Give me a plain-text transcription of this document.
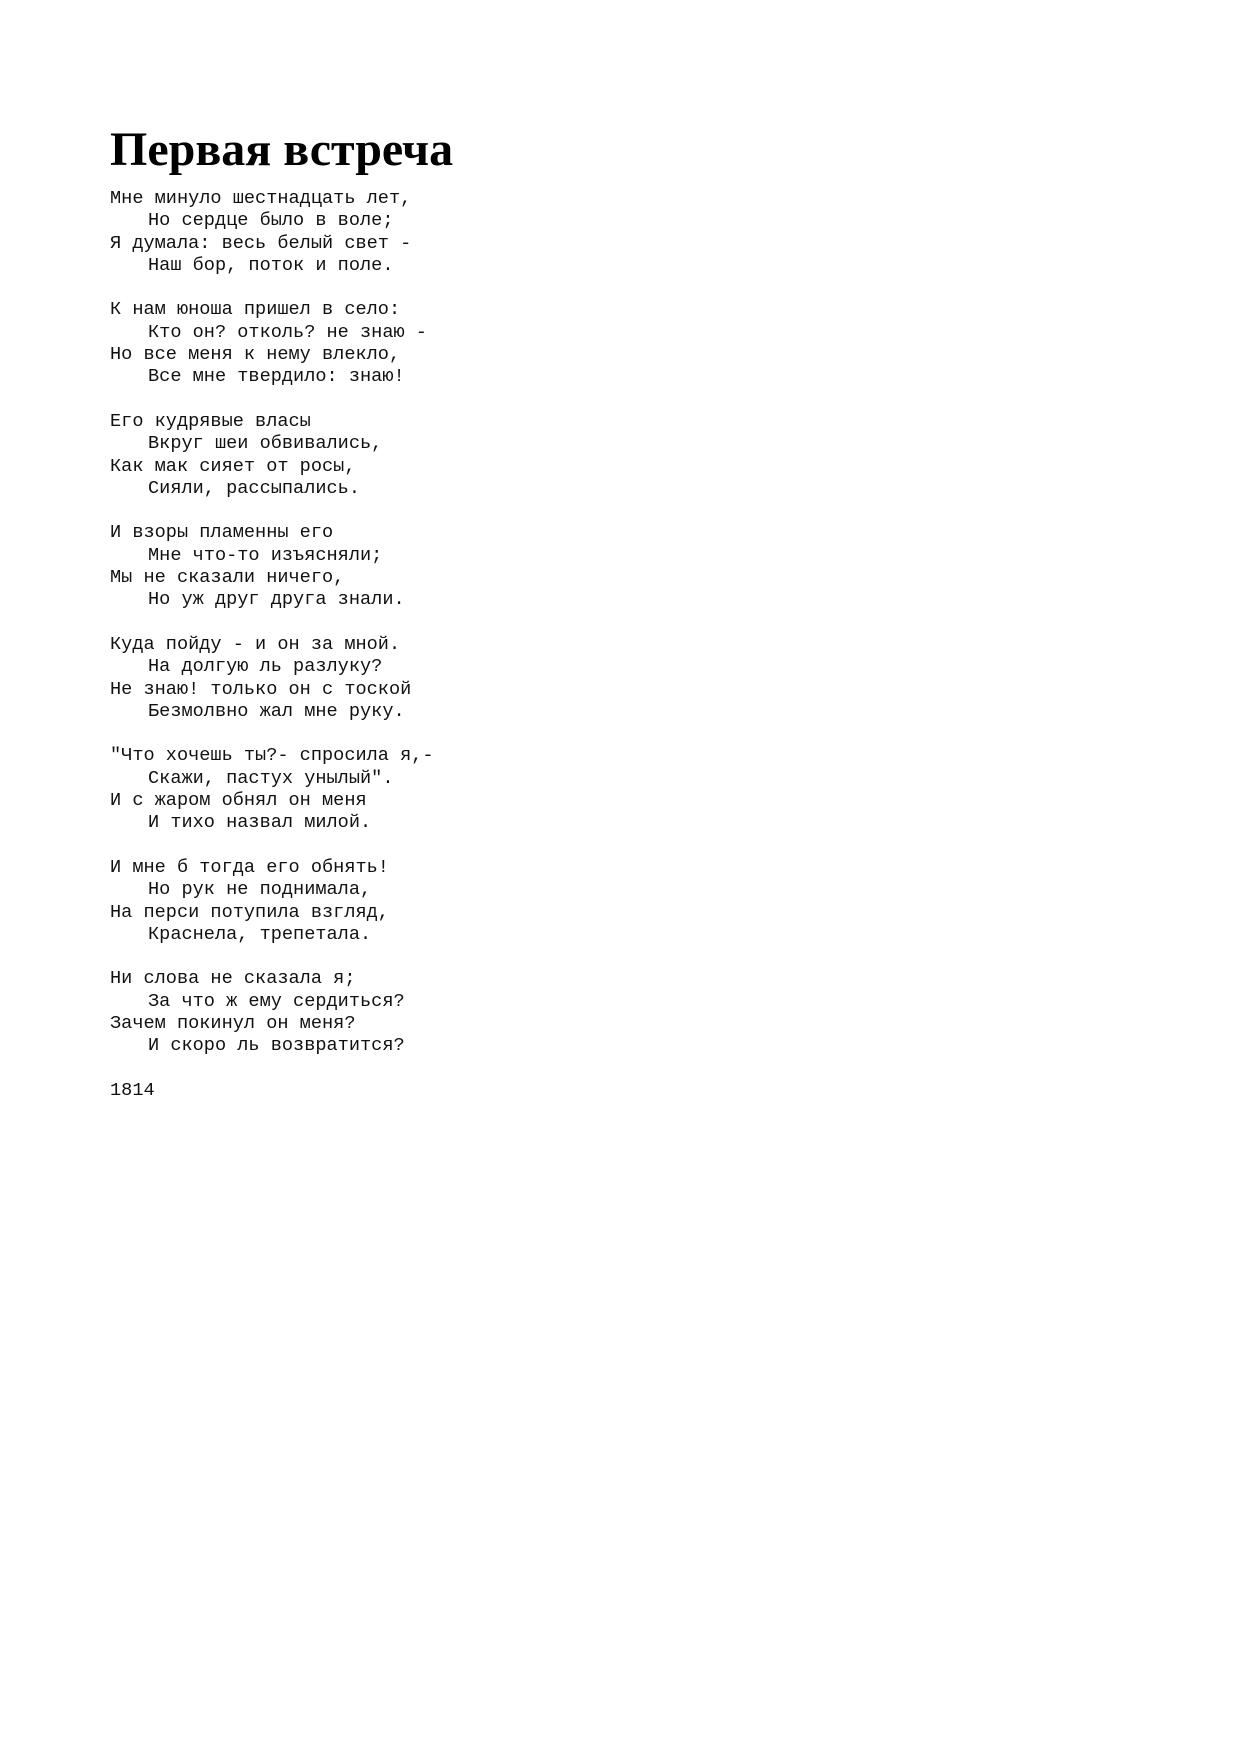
Первая встреча
Мне минуло шестнадцать лет,
Но сердце было в воле;
Я думала: весь белый свет -
Наш бор, поток и поле.
К нам юноша пришел в село:
Кто он? отколь? не знаю -
Но все меня к нему влекло,
Все мне твердило: знаю!
Его кудрявые власы
Вкруг шеи обвивались,
Как мак сияет от росы,
Сияли, рассыпались.
И взоры пламенны его
Мне что-то изъясняли;
Мы не сказали ничего,
Но уж друг друга знали.
Куда пойду - и он за мной.
На долгую ль разлуку?
Не знаю! только он с тоской
Безмолвно жал мне руку.
"Что хочешь ты?- спросила я,-
Скажи, пастух унылый".
И с жаром обнял он меня
И тихо назвал милой.
И мне б тогда его обнять!
Но рук не поднимала,
На перси потупила взгляд,
Краснела, трепетала.
Ни слова не сказала я;
За что ж ему сердиться?
Зачем покинул он меня?
И скоро ль возвратится?
1814
